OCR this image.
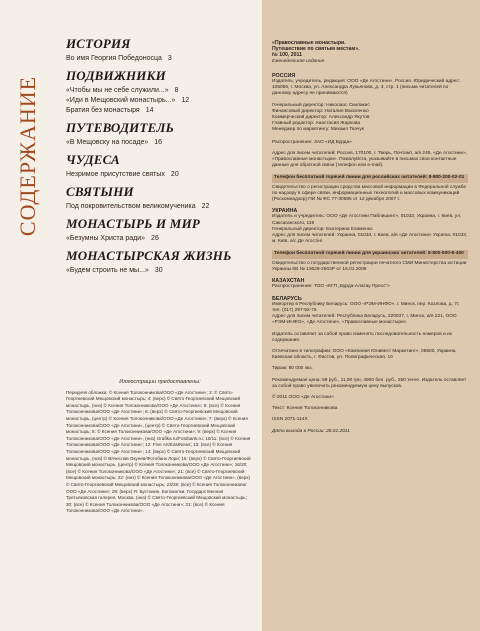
СОДЕРЖАНИЕ
ИСТОРИЯ
Во имя Георгия Победоносца 3
ПОДВИЖНИКИ
«Чтобы мы не себе служили...» 8
«Иди в Мещовский монастырь...» 12
Братия без монастыря 14
ПУТЕВОДИТЕЛЬ
«В Мещовску на посаде» 16
ЧУДЕСА
Незримое присутствие святых 20
СВЯТЫНИ
Под покровительством великомученика 22
МОНАСТЫРЬ И МИР
«Безумны Христа ради» 26
МОНАСТЫРСКАЯ ЖИЗНЬ
«Будем строить не мы...» 30
Иллюстрации предоставлены:
Передняя обложка: © Ксения Толоконникова/ООО «Де Агостини»; 3: © Свято-Георгиевский Мещовский монастырь; 4: (верх) © Свято-Георгиевский Мещовский монастырь, (низ) © Ксения Толоконникова/ООО «Де Агостини»; 5: (все) © Ксения Толоконникова/ООО «Де Агостини»; 6: (верх) © Свято-Георгиевский Мещовский монастырь, (центр) © Ксения Толоконникова/ООО «Де Агостини»; 7: (верх) © Ксения Толоконникова/ООО «Де Агостини», (центр) © Свято-Георгиевский Мещовский монастырь; 8: © Ксения Толоконникова/ООО «Де Агостини»; 9: (верх) © Ксения Толоконникова/ООО «Де Агостини», (низ) Grafika.ru/Fotobank.ru; 10/11: (все) © Ксения Толоконникова/ООО «Де Агостини»; 12: Fine Art/EastNews; 13: (все) © Ксения Толоконникова/ООО «Де Агостини»; 14: (верх) © Свято-Георгиевский Мещовский монастырь, (низ) © Вячеслав Окунев/Фотобанк Лори; 15: (верх) © Свято-Георгиевский Мещовский монастырь, (центр) © Ксения Толоконникова/ООО «Де Агостини»; 16/20: (все) © Ксения Толоконникова/ООО «Де Агостини»; 21: (все) © Свято-Георгиевский Мещовский монастырь; 22: (низ) © Ксения Толоконникова/ООО «Де Агостини», (верх) © Свято-Георгиевский Мещовский монастырь; 23/28: (все) © Ксения Толоконникова/ООО «Де Агостини»; 29: (верх) Я. Бустанин. Богомолки. Государственная Третьяковская галерея, Москва, (низ) © Свято-Георгиевский Мещовский монастырь; 30: (все) © Ксения Толоконникова/ООО «Де Агостини»; 31: (все) © Ксения Толоконникова/ООО «Де Агостини».
«Православные монастыри.
Путешествие по святым местам».
№ 100, 2011
Еженедельное издание
РОССИЯ

Издатель, учредитель, редакция: ООО «Де Агостини», Россия. Юридический адрес: 105066, г. Москва, ул. Александра Лукьянова, д. 3, стр. 1 (письма читателей по данному адресу не принимаются)

Генеральный директор: Николаос Скилакис
Финансовый директор: Наталия Василенко
Коммерческий директор: Александр Якутов
Главный редактор: Анастасия Жаркова
Менеджер по маркетингу: Михаил Ткачук

Распространение: ЗАО «ИД Бурда»

Адрес для писем читателей: Россия, 170100, г. Тверь, Почтамт, а/я 245, «Де Агостини», «Православные монастыри». Пожалуйста, указывайте в письмах свои контактные данные для обратной связи (телефон или e-mail).

Телефон бесплатной горячей линии для российских читателей: 8-800-200-02-01

Свидетельство о регистрации средства массовой информации в Федеральной службе по надзору в сфере связи, информационных технологий и массовых коммуникаций (Роскомнадзор) ПИ № ФС 77-30595 от 12 декабря 2007 г.

УКРАИНА
Издатель и учредитель: ООО «Де Агостини Паблишинг», 01032, Украина, г. Киев, ул. Саксаганского, 119
Генеральный директор: Екатерина Клименко

Адрес для писем читателей: Украина, 01033, г. Киев, а/я «Де Агостини» Україна, 01033, м. Київ, а/с Де Агостіні

Телефон бесплатной горячей линии для украинских читателей: 8-800-500-8-400

Свидетельство о государственной регистрации печатного СМИ Министерства юстиции Украины КВ № 13629-2603Р от 16.01.2008

КАЗАХСТАН

Распространение: ТОО «КГП „Бурда-Алатау Пресс“»

БЕЛАРУСЬ
Импортер в Республику Беларусь: ООО «РЭМ-ИНФО», г. Минск, пер. Козлова, д. 7г, тел. (017) 297-92-75

Адрес для писем читателей: Республика Беларусь, 220037, г. Минск, а/я 221, ООО «РЭМ-ИНФО», «Де Агостини», «Православные монастыри»

Издатель оставляет за собой право изменять последовательность номеров и их содержание.

Отпечатано в типографии: ООО «Компания Юнивест Маркетинг», 08500, Украина, Киевская область, г. Фастов, ул. Полиграфическая, 10

Тираж: 80 000 экз.

Рекомендуемая цена: 69 руб., 11,90 грн, 4900 бел. руб., 250 тенге. Издатель оставляет за собой право увеличить рекомендуемую цену выпусков.

© 2011 ООО «Де Агостини»

Текст: Ксения Толоконникова

ISSN 2071-114X

Дата выхода в России: 28.01.2011
